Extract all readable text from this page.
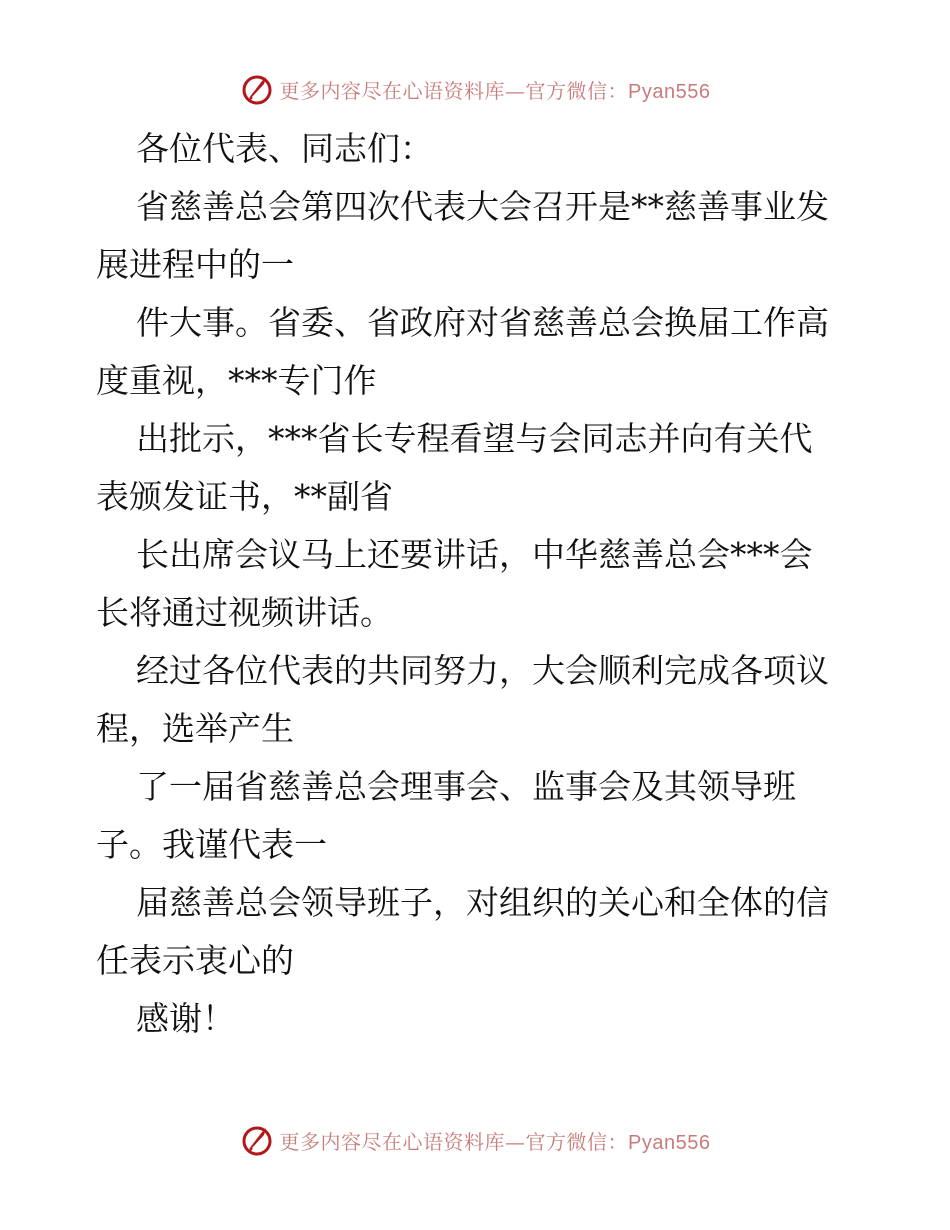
更多内容尽在心语资料库—官方微信：Pyan556
各位代表、同志们：
省慈善总会第四次代表大会召开是**慈善事业发
展进程中的一
件大事。省委、省政府对省慈善总会换届工作高
度重视，***专门作
出批示，***省长专程看望与会同志并向有关代
表颁发证书，**副省
长出席会议马上还要讲话，中华慈善总会***会
长将通过视频讲话。
经过各位代表的共同努力，大会顺利完成各项议
程，选举产生
了一届省慈善总会理事会、监事会及其领导班
子。我谨代表一
届慈善总会领导班子，对组织的关心和全体的信
任表示衷心的
感谢！
更多内容尽在心语资料库—官方微信：Pyan556
